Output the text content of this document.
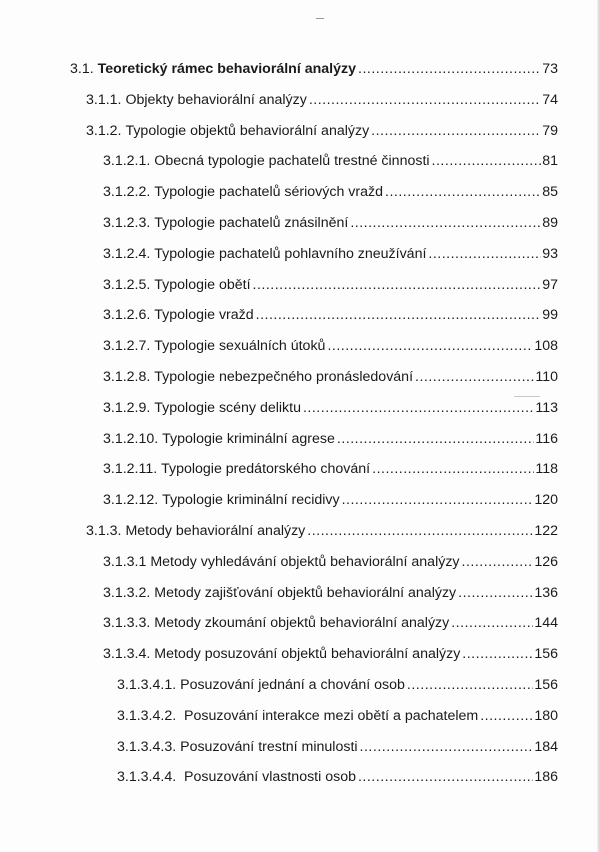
3.1. Teoretický rámec behaviorální analýzy .....	73
3.1.1. Objekty behaviorální analýzy .....	74
3.1.2. Typologie objektů behaviorální analýzy .....	79
3.1.2.1. Obecná typologie pachatelů trestné činnosti .....	81
3.1.2.2. Typologie pachatelů sériových vražd .....	85
3.1.2.3. Typologie pachatelů znásilnění .....	89
3.1.2.4. Typologie pachatelů pohlavního zneužívání .....	93
3.1.2.5. Typologie obětí .....	97
3.1.2.6. Typologie vražd .....	99
3.1.2.7. Typologie sexuálních útoků .....	108
3.1.2.8. Typologie nebezpečného pronásledování .....	110
3.1.2.9. Typologie scény deliktu .....	113
3.1.2.10. Typologie kriminální agrese .....	116
3.1.2.11. Typologie predátorského chování .....	118
3.1.2.12. Typologie kriminální recidivy .....	120
3.1.3. Metody behaviorální analýzy .....	122
3.1.3.1 Metody vyhledávání objektů behaviorální analýzy .....	126
3.1.3.2. Metody zajišťování objektů behaviorální analýzy .....	136
3.1.3.3. Metody zkoumání objektů behaviorální analýzy .....	144
3.1.3.4. Metody posuzování objektů behaviorální analýzy .....	156
3.1.3.4.1. Posuzování jednání a chování osob .....	156
3.1.3.4.2. Posuzování interakce mezi obětí a pachatelem .....	180
3.1.3.4.3. Posuzování trestní minulosti .....	184
3.1.3.4.4. Posuzování vlastnosti osob .....	186
